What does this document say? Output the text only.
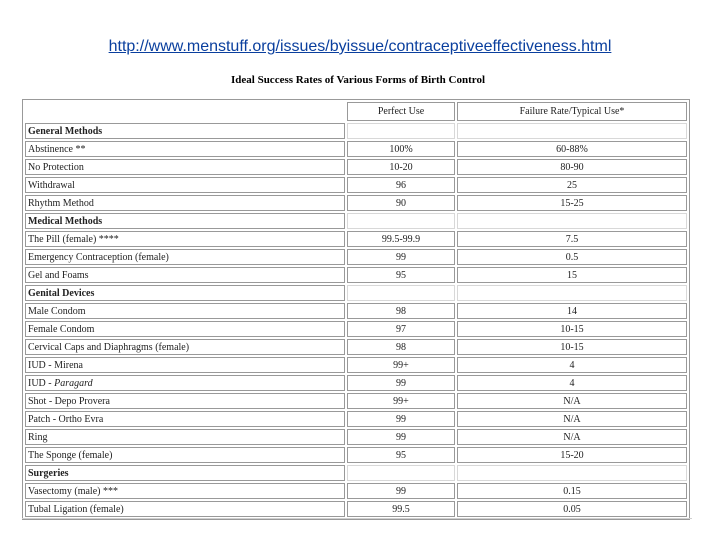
http://www.menstuff.org/issues/byissue/contraceptiveeffectiveness.html
Ideal Success Rates of Various Forms of Birth Control
	Perfect Use	Failure Rate/Typical Use*
General Methods		
Abstinence **	100%	60-88%
No Protection	10-20	80-90
Withdrawal	96	25
Rhythm Method	90	15-25
Medical Methods		
The Pill (female) ****	99.5-99.9	7.5
Emergency Contraception (female)	99	0.5
Gel and Foams	95	15
Genital Devices		
Male Condom	98	14
Female Condom	97	10-15
Cervical Caps and Diaphragms (female)	98	10-15
IUD - Mirena	99+	4
IUD - Paragard	99	4
Shot - Depo Provera	99+	N/A
Patch - Ortho Evra	99	N/A
Ring	99	N/A
The Sponge (female)	95	15-20
Surgeries		
Vasectomy (male) ***	99	0.15
Tubal Ligation (female)	99.5	0.05
